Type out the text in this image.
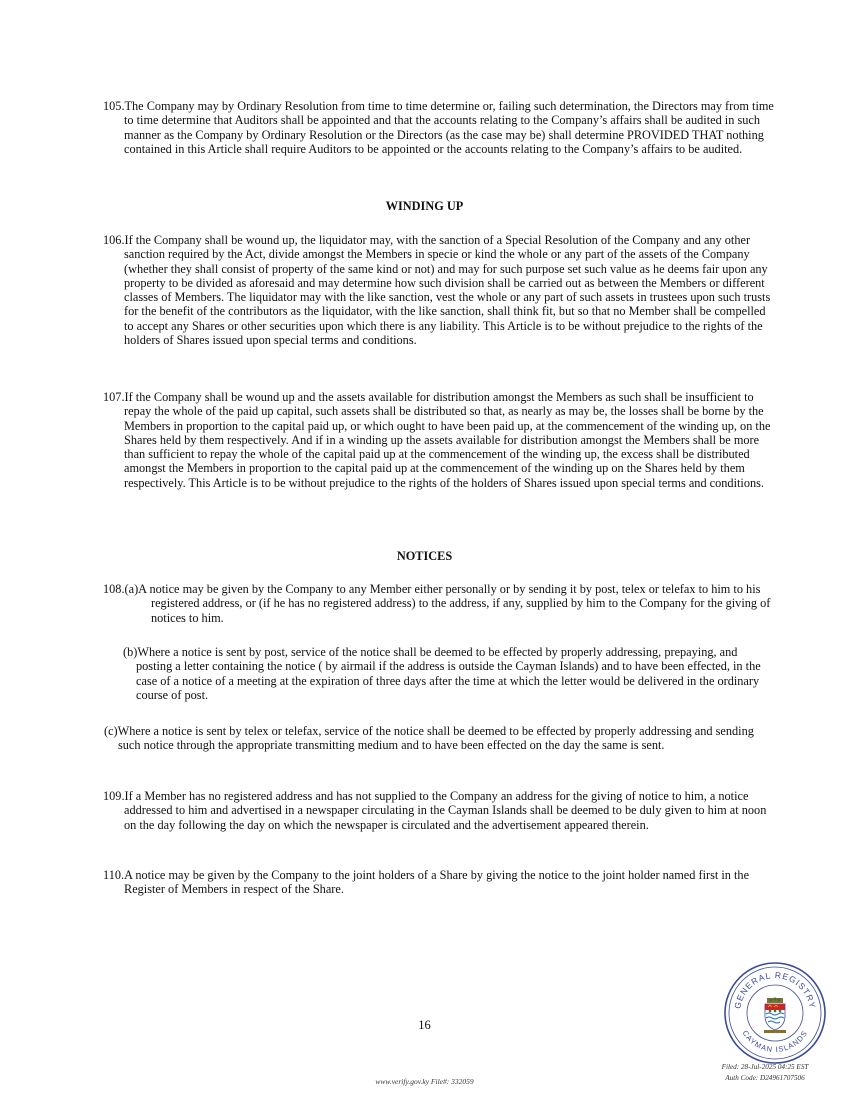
105.The Company may by Ordinary Resolution from time to time determine or, failing such determination, the Directors may from time to time determine that Auditors shall be appointed and that the accounts relating to the Company’s affairs shall be audited in such manner as the Company by Ordinary Resolution or the Directors (as the case may be) shall determine PROVIDED THAT nothing contained in this Article shall require Auditors to be appointed or the accounts relating to the Company’s affairs to be audited.
WINDING UP
106.If the Company shall be wound up, the liquidator may, with the sanction of a Special Resolution of the Company and any other sanction required by the Act, divide amongst the Members in specie or kind the whole or any part of the assets of the Company (whether they shall consist of property of the same kind or not) and may for such purpose set such value as he deems fair upon any property to be divided as aforesaid and may determine how such division shall be carried out as between the Members or different classes of Members. The liquidator may with the like sanction, vest the whole or any part of such assets in trustees upon such trusts for the benefit of the contributors as the liquidator, with the like sanction, shall think fit, but so that no Member shall be compelled to accept any Shares or other securities upon which there is any liability. This Article is to be without prejudice to the rights of the holders of Shares issued upon special terms and conditions.
107.If the Company shall be wound up and the assets available for distribution amongst the Members as such shall be insufficient to repay the whole of the paid up capital, such assets shall be distributed so that, as nearly as may be, the losses shall be borne by the Members in proportion to the capital paid up, or which ought to have been paid up, at the commencement of the winding up, on the Shares held by them respectively. And if in a winding up the assets available for distribution amongst the Members shall be more than sufficient to repay the whole of the capital paid up at the commencement of the winding up, the excess shall be distributed amongst the Members in proportion to the capital paid up at the commencement of the winding up on the Shares held by them respectively. This Article is to be without prejudice to the rights of the holders of Shares issued upon special terms and conditions.
NOTICES
108.(a)A notice may be given by the Company to any Member either personally or by sending it by post, telex or telefax to him to his registered address, or (if he has no registered address) to the address, if any, supplied by him to the Company for the giving of notices to him.
(b)Where a notice is sent by post, service of the notice shall be deemed to be effected by properly addressing, prepaying, and posting a letter containing the notice ( by airmail if the address is outside the Cayman Islands) and to have been effected, in the case of a notice of a meeting at the expiration of three days after the time at which the letter would be delivered in the ordinary course of post.
(c)Where a notice is sent by telex or telefax, service of the notice shall be deemed to be effected by properly addressing and sending such notice through the appropriate transmitting medium and to have been effected on the day the same is sent.
109.If a Member has no registered address and has not supplied to the Company an address for the giving of notice to him, a notice addressed to him and advertised in a newspaper circulating in the Cayman Islands shall be deemed to be duly given to him at noon on the day following the day on which the newspaper is circulated and the advertisement appeared therein.
110.A notice may be given by the Company to the joint holders of a Share by giving the notice to the joint holder named first in the Register of Members in respect of the Share.
16
www.verify.gov.ky File#: 332059
Filed: 28-Jul-2025 04:25 EST
Auth Code: D24961707506
GENERAL REGISTRY
CAYMAN ISLANDS
